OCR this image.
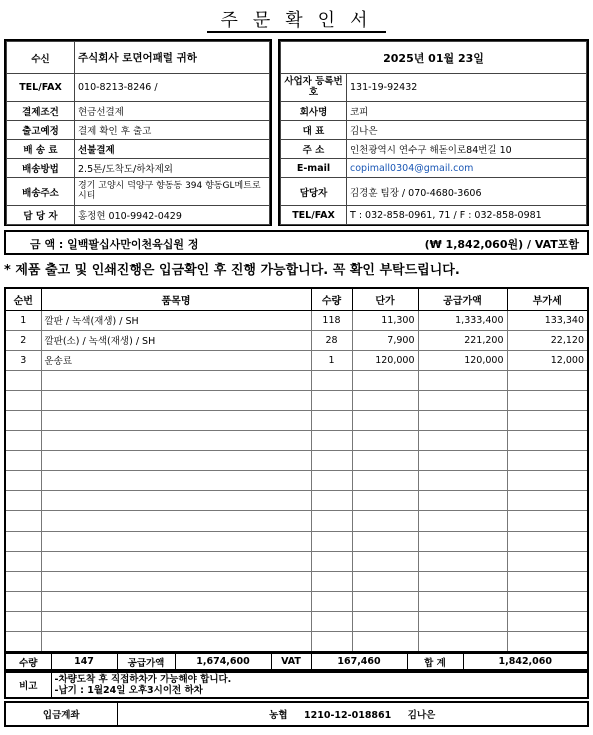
주문확인서
수신	주식회사 로뎐어패럴 귀하
TEL/FAX	010-8213-8246 /
결제조건	현금선결제
출고예정	결제 확인 후 출고
배 송 료	선불결제
배송방법	2.5톤/도착도/하차제외
배송주소	경기 고양시 덕양구 향동동 394 향동GL메트로시티
담 당 자	홍정현 010-9942-0429
2025년 01월 23일	
사업자 등록번호	131-19-92432
회사명	코피
대 표	김나은
주 소	인천광역시 연수구 해돋이로84번길 10
E-mail	copimall0304@gmail.com
담당자	김경훈 팀장 / 070-4680-3606
TEL/FAX	T : 032-858-0961, 71 / F : 032-858-0981
금 액 : 일백팔십사만이천육십원 정	(₩ 1,842,060원) / VAT포함
* 제품 출고 및 인쇄진행은 입금확인 후 진행 가능합니다. 꼭 확인 부탁드립니다.
순번	품목명	수량	단가	공급가액	부가세
1	깔판 / 녹색(재생) / SH	118	11,300	1,333,400	133,340
2	깔판(소) / 녹색(재생) / SH	28	7,900	221,200	22,120
3	운송료	1	120,000	120,000	12,000

수량	147	공급가액	1,674,600	VAT	167,460	합 계	1,842,060
비고	
-차량도착 후 직접하차가 가능해야 합니다.
-납기 : 1월24일 오후3시이전 하차
입금계좌	농협     1210-12-018861     김나은
